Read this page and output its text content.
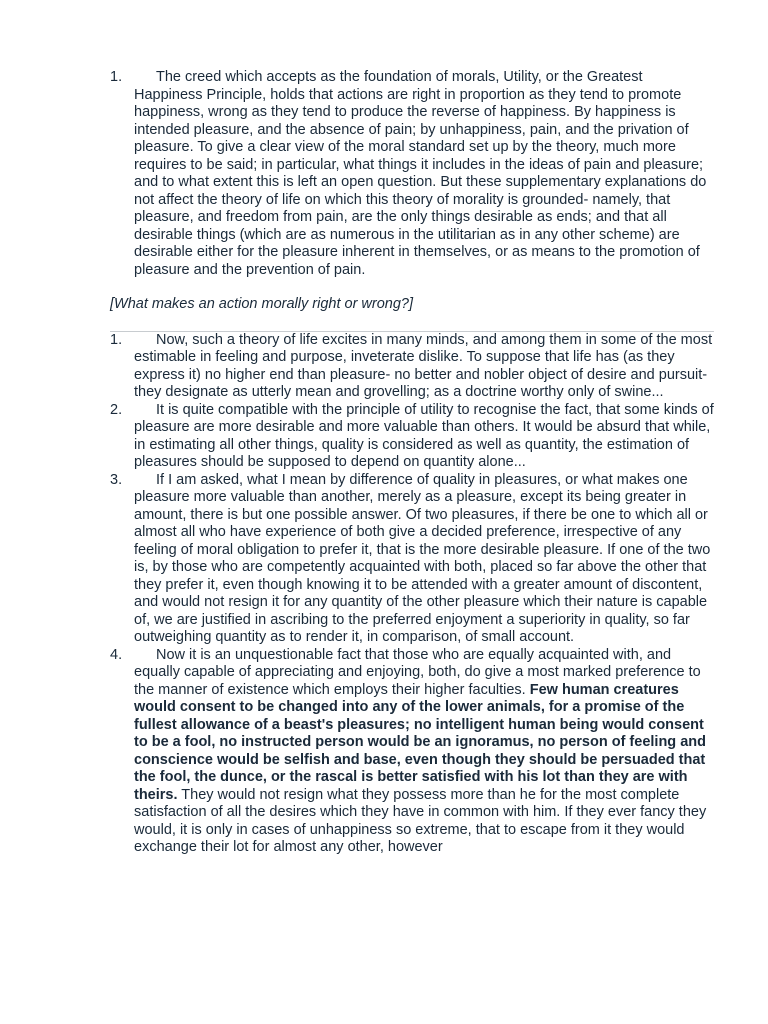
1. The creed which accepts as the foundation of morals, Utility, or the Greatest Happiness Principle, holds that actions are right in proportion as they tend to promote happiness, wrong as they tend to produce the reverse of happiness. By happiness is intended pleasure, and the absence of pain; by unhappiness, pain, and the privation of pleasure. To give a clear view of the moral standard set up by the theory, much more requires to be said; in particular, what things it includes in the ideas of pain and pleasure; and to what extent this is left an open question. But these supplementary explanations do not affect the theory of life on which this theory of morality is grounded- namely, that pleasure, and freedom from pain, are the only things desirable as ends; and that all desirable things (which are as numerous in the utilitarian as in any other scheme) are desirable either for the pleasure inherent in themselves, or as means to the promotion of pleasure and the prevention of pain.
[What makes an action morally right or wrong?]
1. Now, such a theory of life excites in many minds, and among them in some of the most estimable in feeling and purpose, inveterate dislike. To suppose that life has (as they express it) no higher end than pleasure- no better and nobler object of desire and pursuit- they designate as utterly mean and grovelling; as a doctrine worthy only of swine...
2. It is quite compatible with the principle of utility to recognise the fact, that some kinds of pleasure are more desirable and more valuable than others. It would be absurd that while, in estimating all other things, quality is considered as well as quantity, the estimation of pleasures should be supposed to depend on quantity alone...
3. If I am asked, what I mean by difference of quality in pleasures, or what makes one pleasure more valuable than another, merely as a pleasure, except its being greater in amount, there is but one possible answer. Of two pleasures, if there be one to which all or almost all who have experience of both give a decided preference, irrespective of any feeling of moral obligation to prefer it, that is the more desirable pleasure. If one of the two is, by those who are competently acquainted with both, placed so far above the other that they prefer it, even though knowing it to be attended with a greater amount of discontent, and would not resign it for any quantity of the other pleasure which their nature is capable of, we are justified in ascribing to the preferred enjoyment a superiority in quality, so far outweighing quantity as to render it, in comparison, of small account.
4. Now it is an unquestionable fact that those who are equally acquainted with, and equally capable of appreciating and enjoying, both, do give a most marked preference to the manner of existence which employs their higher faculties. Few human creatures would consent to be changed into any of the lower animals, for a promise of the fullest allowance of a beast's pleasures; no intelligent human being would consent to be a fool, no instructed person would be an ignoramus, no person of feeling and conscience would be selfish and base, even though they should be persuaded that the fool, the dunce, or the rascal is better satisfied with his lot than they are with theirs. They would not resign what they possess more than he for the most complete satisfaction of all the desires which they have in common with him. If they ever fancy they would, it is only in cases of unhappiness so extreme, that to escape from it they would exchange their lot for almost any other, however
